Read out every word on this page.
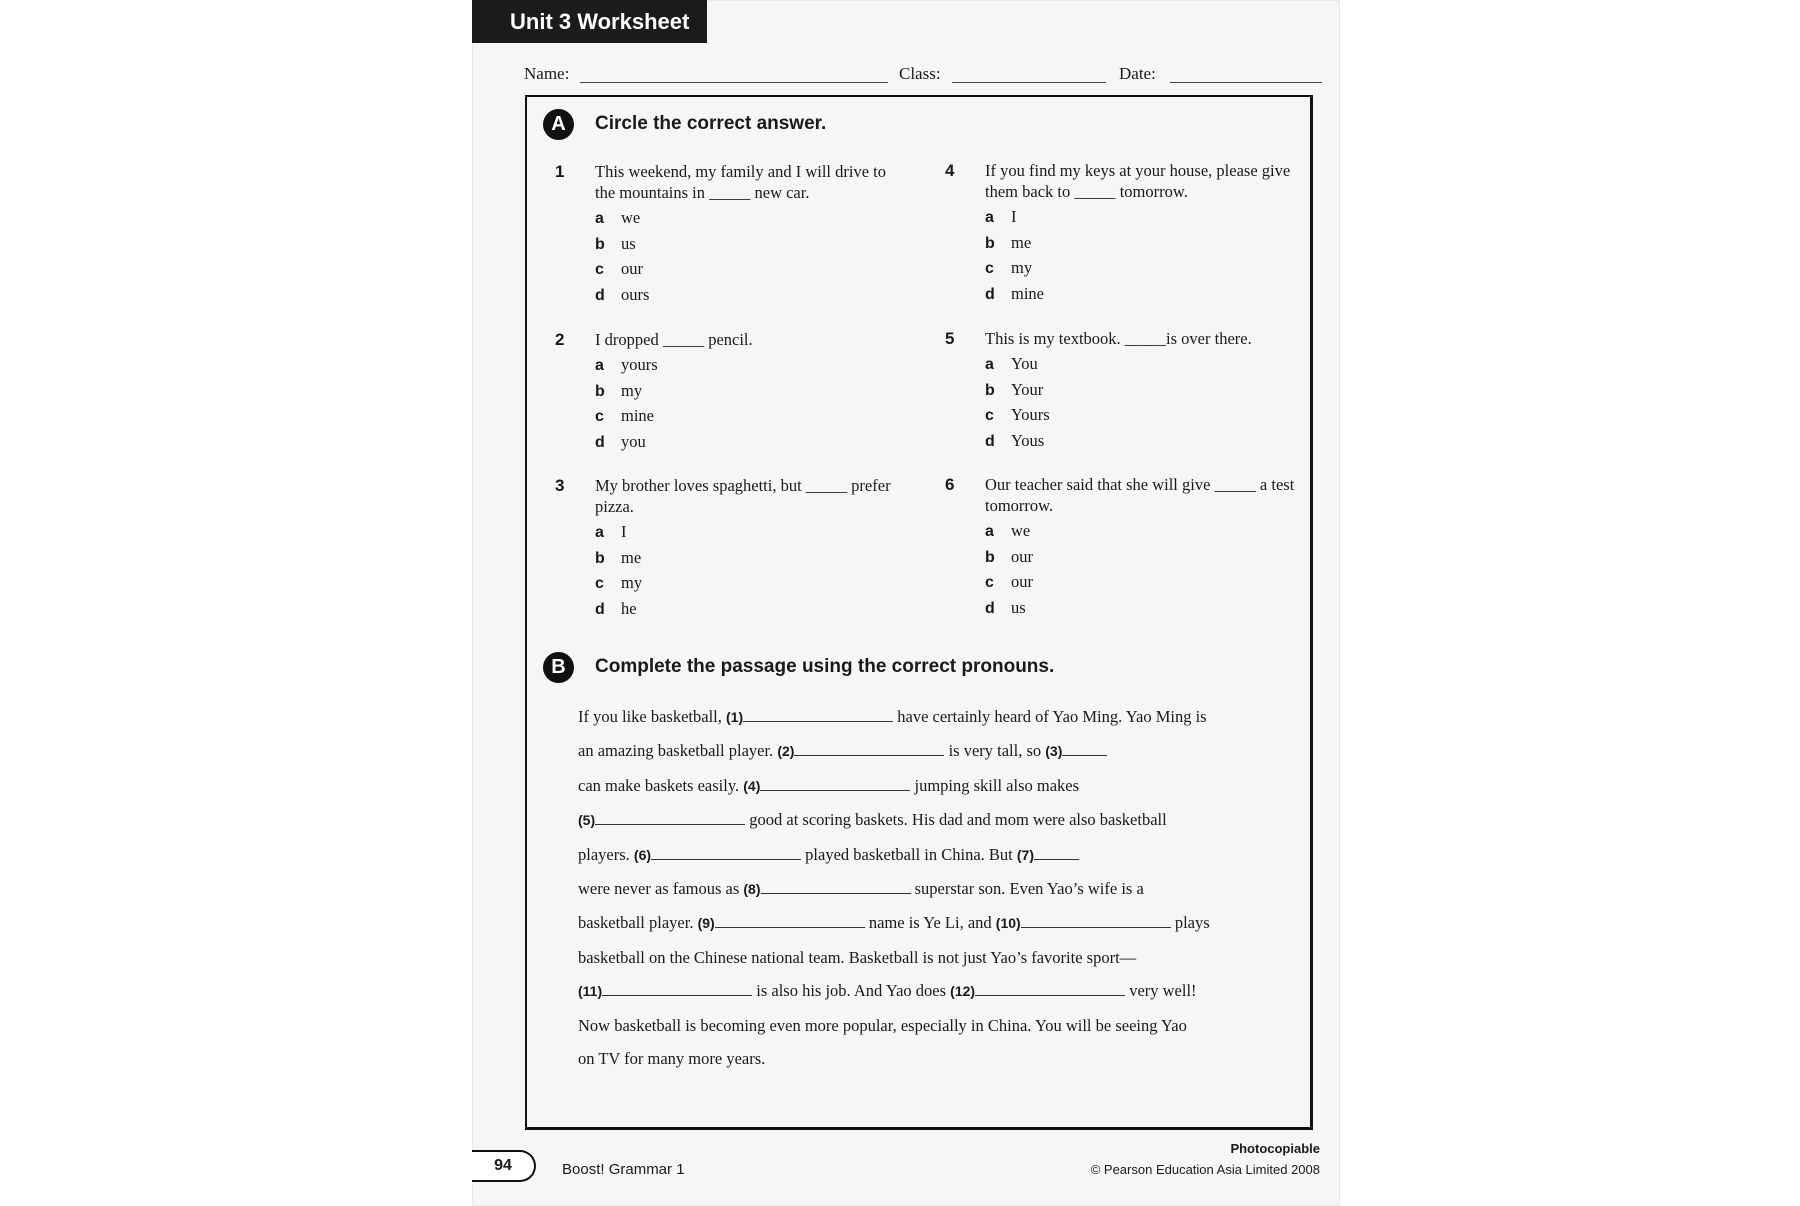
Unit 3 Worksheet
Name:	Class:	Date:
A	Circle the correct answer.
1 This weekend, my family and I will drive to the mountains in _____ new car.

a we
b us
c our
d ours
2 I dropped _____ pencil.

a yours
b my
c mine
d you
3 My brother loves spaghetti, but _____ prefer pizza.

a I
b me
c my
d he
4 If you find my keys at your house, please give them back to _____ tomorrow.

a I
b me
c my
d mine
5 This is my textbook. _____is over there.

a You
b Your
c Yours
d Yous
6 Our teacher said that she will give _____ a test tomorrow.

a we
b our
c our
d us
B	Complete the passage using the correct pronouns.
If you like basketball, (1)	have certainly heard of Yao Ming. Yao Ming is
an amazing basketball player. (2)	is very tall, so (3)
can make baskets easily. (4)	jumping skill also makes
(5)	good at scoring baskets. His dad and mom were also basketball
players. (6)	played basketball in China. But (7)
were never as famous as (8)	superstar son. Even Yao’s wife is a
basketball player. (9)	name is Ye Li, and (10)	plays
basketball on the Chinese national team. Basketball is not just Yao’s favorite sport—
(11)	is also his job. And Yao does (12)	very well!
Now basketball is becoming even more popular, especially in China. You will be seeing Yao
on TV for many more years.
94	Boost! Grammar 1
Photocopiable
© Pearson Education Asia Limited 2008
